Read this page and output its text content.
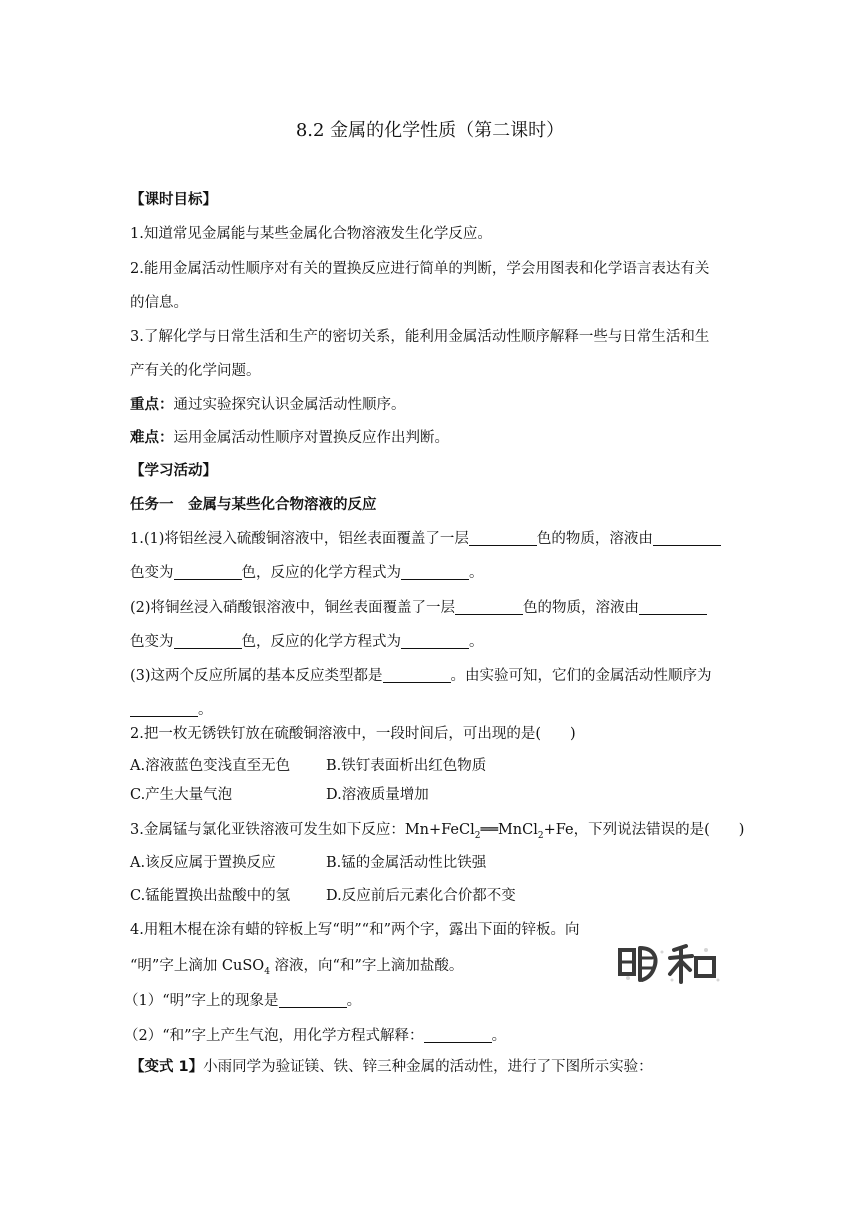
8.2 金属的化学性质（第二课时）
【课时目标】
1.知道常见金属能与某些金属化合物溶液发生化学反应。
2.能用金属活动性顺序对有关的置换反应进行简单的判断，学会用图表和化学语言表达有关
的信息。
3.了解化学与日常生活和生产的密切关系，能利用金属活动性顺序解释一些与日常生活和生
产有关的化学问题。
重点：通过实验探究认识金属活动性顺序。
难点：运用金属活动性顺序对置换反应作出判断。
【学习活动】
任务一　金属与某些化合物溶液的反应
1.(1)将铝丝浸入硫酸铜溶液中，铝丝表面覆盖了一层	色的物质，溶液由
色变为	色，反应的化学方程式为	。
(2)将铜丝浸入硝酸银溶液中，铜丝表面覆盖了一层	色的物质，溶液由
色变为	色，反应的化学方程式为	。
(3)这两个反应所属的基本反应类型都是	。由实验可知，它们的金属活动性顺序为
。
2.把一枚无锈铁钉放在硫酸铜溶液中，一段时间后，可出现的是(　　)
A.溶液蓝色变浅直至无色 B.铁钉表面析出红色物质
C.产生大量气泡	D.溶液质量增加
3.金属锰与氯化亚铁溶液可发生如下反应：Mn+FeCl$_2$══MnCl$_2$+Fe，下列说法错误的是(　　)
A.该反应属于置换反应	B.锰的金属活动性比铁强
C.锰能置换出盐酸中的氢 D.反应前后元素化合价都不变
4.用粗木棍在涂有蜡的锌板上写“明”“和”两个字，露出下面的锌板。向
“明”字上滴加 CuSO$_4$ 溶液，向“和”字上滴加盐酸。
（1）“明”字上的现象是	。
（2）“和”字上产生气泡，用化学方程式解释：	。
【变式 1】小雨同学为验证镁、铁、锌三种金属的活动性，进行了下图所示实验：
